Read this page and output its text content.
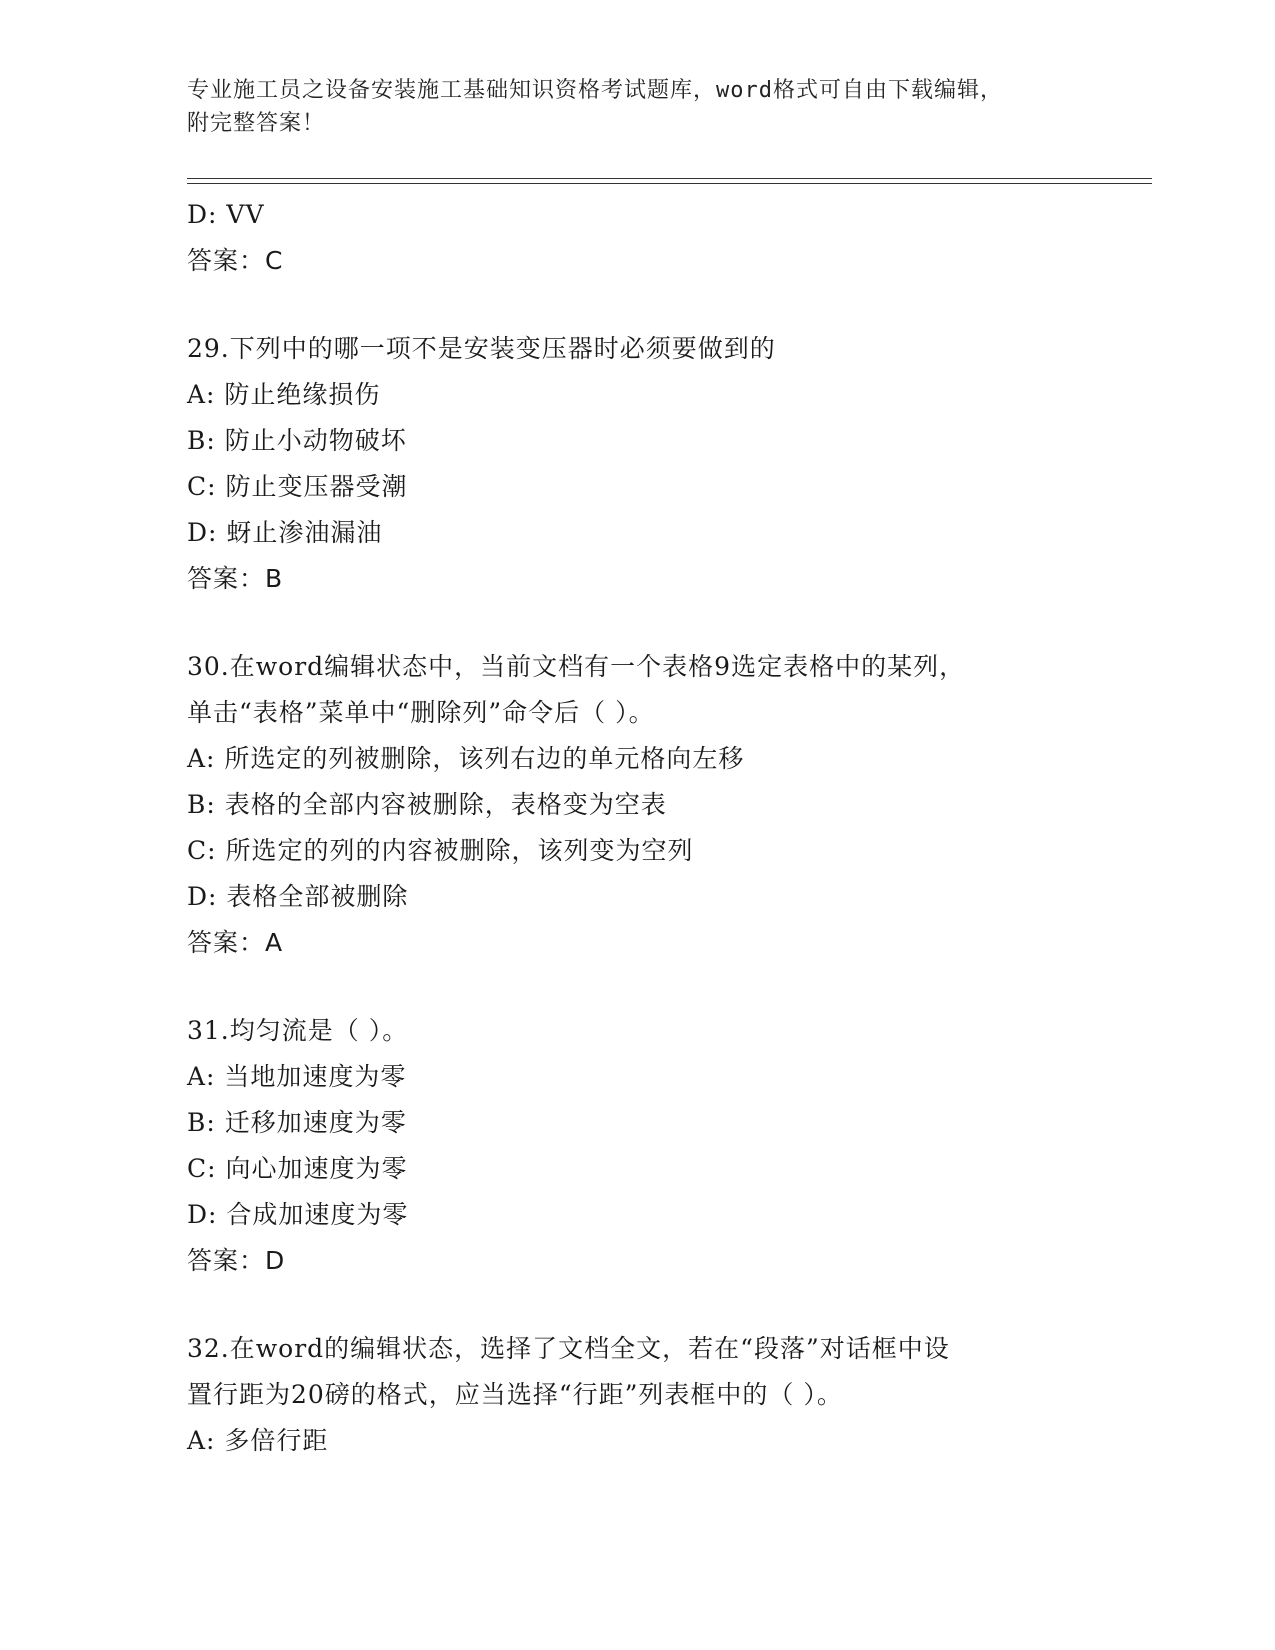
专业施工员之设备安装施工基础知识资格考试题库，word格式可自由下载编辑，
附完整答案！
D: VV
答案：C
29.下列中的哪一项不是安装变压器时必须要做到的
A: 防止绝缘损伤
B: 防止小动物破坏
C: 防止变压器受潮
D: 蚜止渗油漏油
答案：B
30.在word编辑状态中，当前文档有一个表格9选定表格中的某列，
单击“表格”菜单中“删除列”命令后（ ）。
A: 所选定的列被删除，该列右边的单元格向左移
B: 表格的全部内容被删除，表格变为空表
C: 所选定的列的内容被删除，该列变为空列
D: 表格全部被删除
答案：A
31.均匀流是（ ）。
A: 当地加速度为零
B: 迁移加速度为零
C: 向心加速度为零
D: 合成加速度为零
答案：D
32.在word的编辑状态，选择了文档全文，若在“段落”对话框中设
置行距为20磅的格式，应当选择“行距”列表框中的（ ）。
A: 多倍行距
